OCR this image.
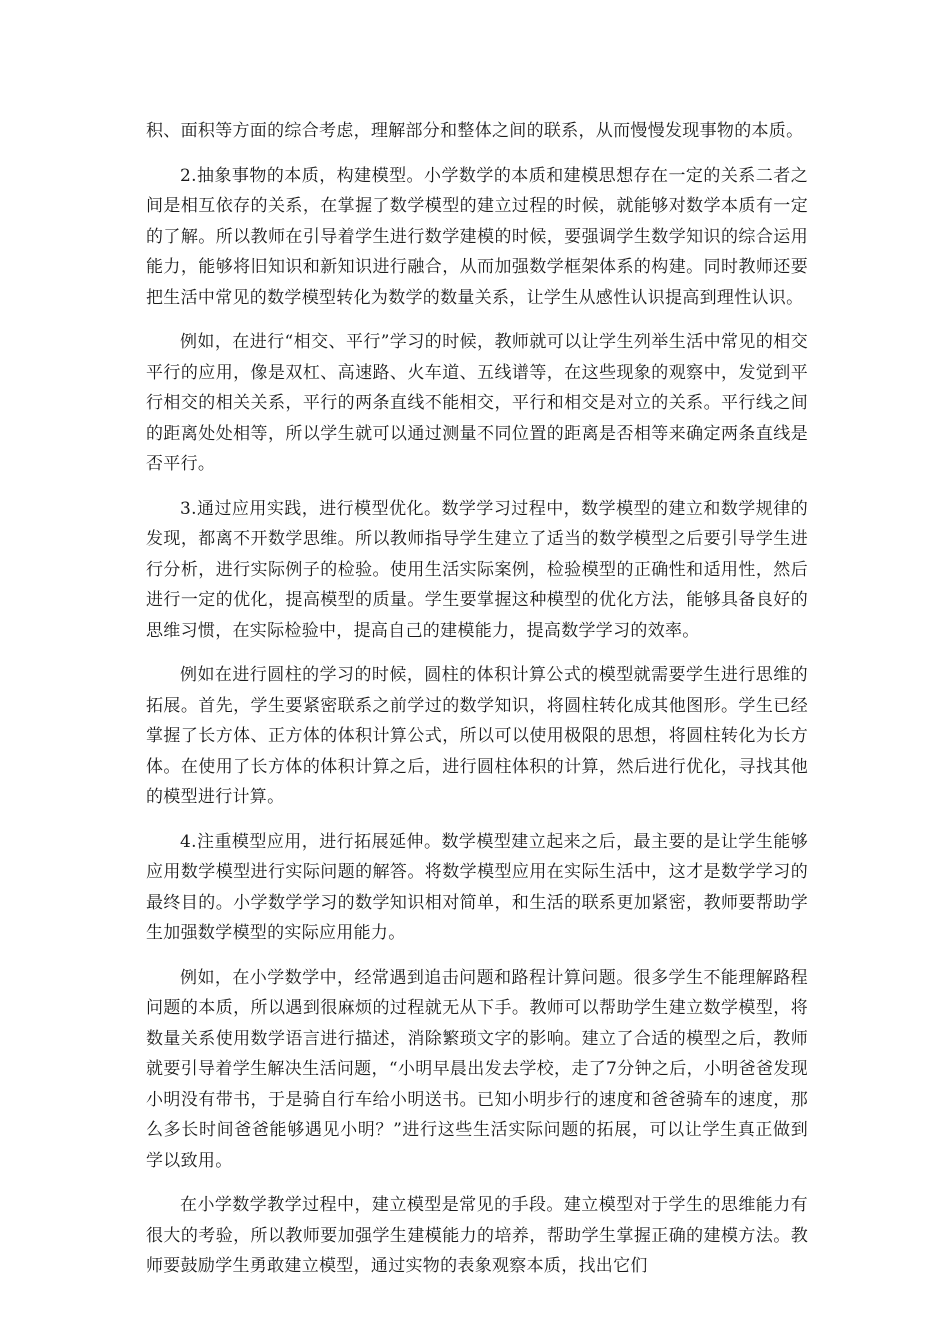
积、面积等方面的综合考虑，理解部分和整体之间的联系，从而慢慢发现事物的本质。

2.抽象事物的本质，构建模型。小学数学的本质和建模思想存在一定的关系二者之间是相互依存的关系，在掌握了数学模型的建立过程的时候，就能够对数学本质有一定的了解。所以教师在引导着学生进行数学建模的时候，要强调学生数学知识的综合运用能力，能够将旧知识和新知识进行融合，从而加强数学框架体系的构建。同时教师还要把生活中常见的数学模型转化为数学的数量关系，让学生从感性认识提高到理性认识。

例如，在进行“相交、平行”学习的时候，教师就可以让学生列举生活中常见的相交平行的应用，像是双杠、高速路、火车道、五线谱等，在这些现象的观察中，发觉到平行相交的相关关系，平行的两条直线不能相交，平行和相交是对立的关系。平行线之间的距离处处相等，所以学生就可以通过测量不同位置的距离是否相等来确定两条直线是否平行。

3.通过应用实践，进行模型优化。数学学习过程中，数学模型的建立和数学规律的发现，都离不开数学思维。所以教师指导学生建立了适当的数学模型之后要引导学生进行分析，进行实际例子的检验。使用生活实际案例，检验模型的正确性和适用性，然后进行一定的优化，提高模型的质量。学生要掌握这种模型的优化方法，能够具备良好的思维习惯，在实际检验中，提高自己的建模能力，提高数学学习的效率。

例如在进行圆柱的学习的时候，圆柱的体积计算公式的模型就需要学生进行思维的拓展。首先，学生要紧密联系之前学过的数学知识，将圆柱转化成其他图形。学生已经掌握了长方体、正方体的体积计算公式，所以可以使用极限的思想，将圆柱转化为长方体。在使用了长方体的体积计算之后，进行圆柱体积的计算，然后进行优化，寻找其他的模型进行计算。

4.注重模型应用，进行拓展延伸。数学模型建立起来之后，最主要的是让学生能够应用数学模型进行实际问题的解答。将数学模型应用在实际生活中，这才是数学学习的最终目的。小学数学学习的数学知识相对简单，和生活的联系更加紧密，教师要帮助学生加强数学模型的实际应用能力。

例如，在小学数学中，经常遇到追击问题和路程计算问题。很多学生不能理解路程问题的本质，所以遇到很麻烦的过程就无从下手。教师可以帮助学生建立数学模型，将数量关系使用数学语言进行描述，消除繁琐文字的影响。建立了合适的模型之后，教师就要引导着学生解决生活问题，“小明早晨出发去学校，走了7分钟之后，小明爸爸发现小明没有带书，于是骑自行车给小明送书。已知小明步行的速度和爸爸骑车的速度，那么多长时间爸爸能够遇见小明？”进行这些生活实际问题的拓展，可以让学生真正做到学以致用。

在小学数学教学过程中，建立模型是常见的手段。建立模型对于学生的思维能力有很大的考验，所以教师要加强学生建模能力的培养，帮助学生掌握正确的建模方法。教师要鼓励学生勇敢建立模型，通过实物的表象观察本质，找出它们
